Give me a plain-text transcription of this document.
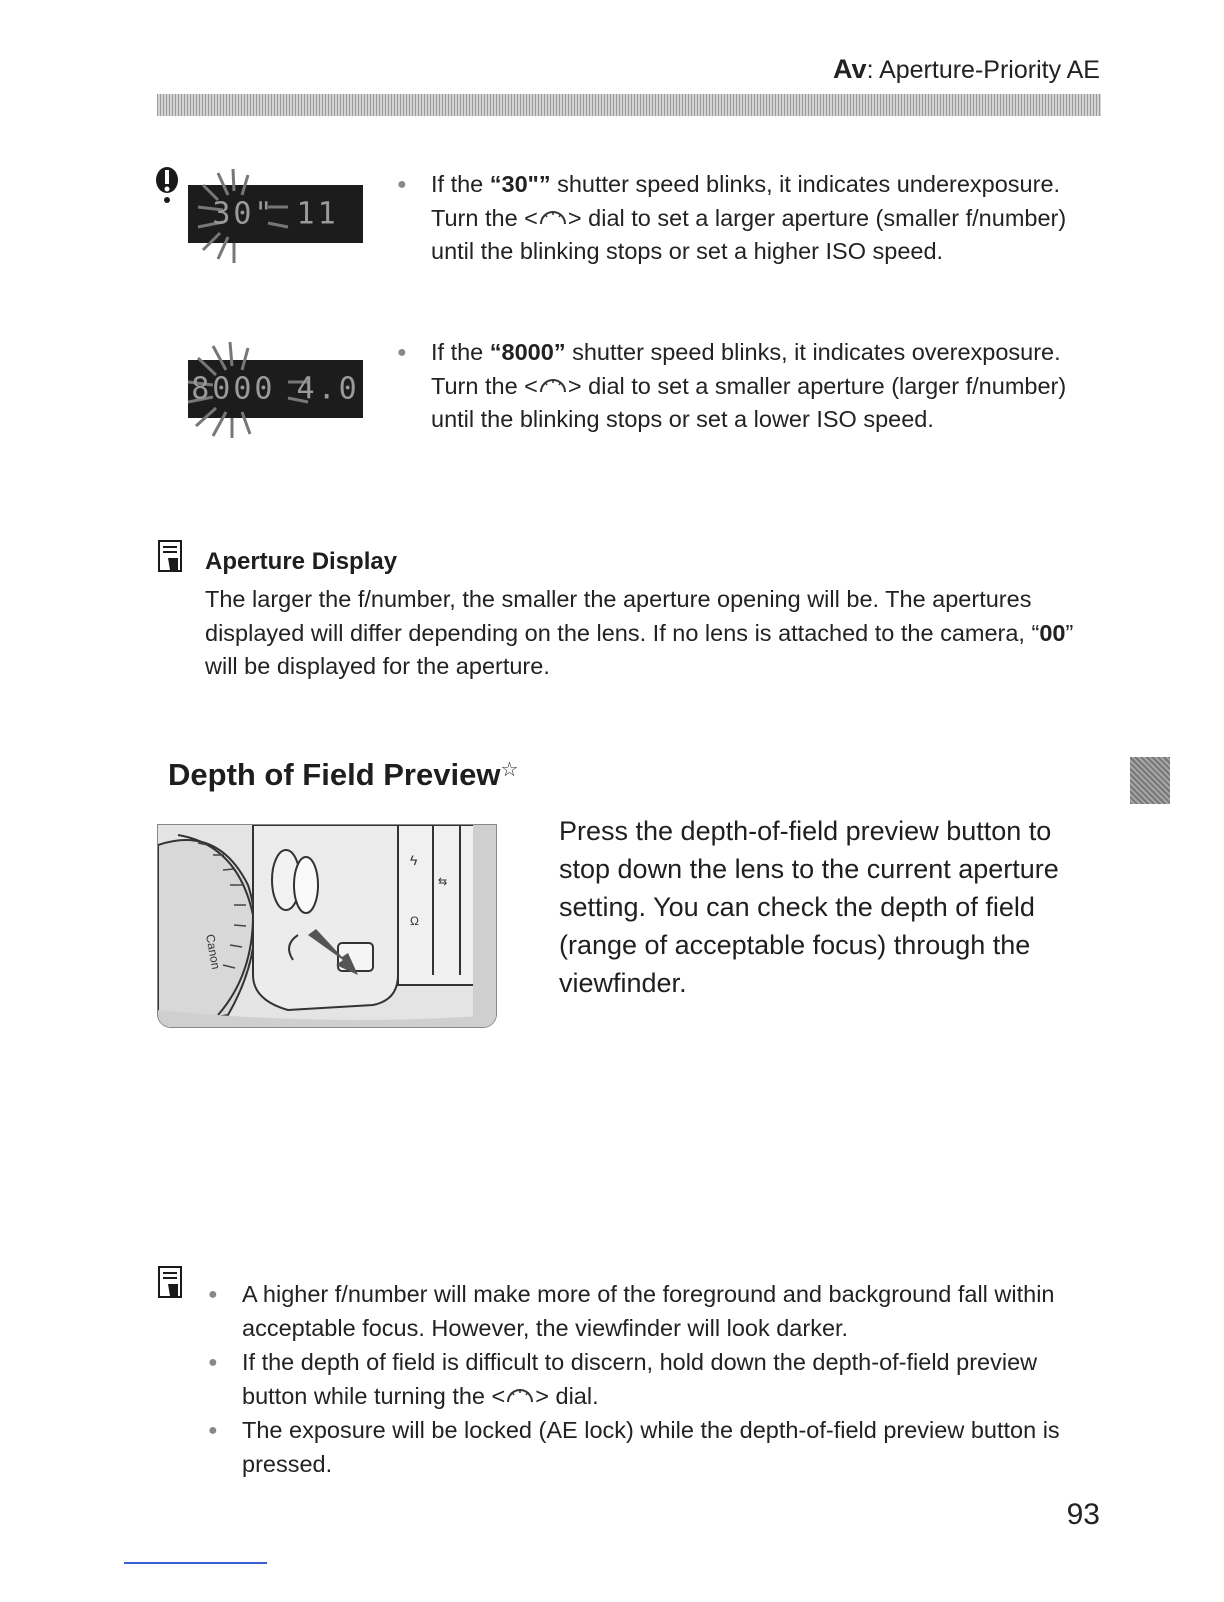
Av: Aperture-Priority AE
30" 11
8000 4.0
● If the “30"” shutter speed blinks, it indicates underexposure.
Turn the < > dial to set a larger aperture (smaller f/number) until the blinking stops or set a higher ISO speed.
● If the “8000” shutter speed blinks, it indicates overexposure.
Turn the < > dial to set a smaller aperture (larger f/number) until the blinking stops or set a lower ISO speed.
Aperture Display
The larger the f/number, the smaller the aperture opening will be. The apertures displayed will differ depending on the lens. If no lens is attached to the camera, “00” will be displayed for the aperture.
Depth of Field Preview☆
Canon
ϟ
⇆
Ω
Press the depth-of-field preview button to stop down the lens to the current aperture setting. You can check the depth of field (range of acceptable focus) through the viewfinder.
● A higher f/number will make more of the foreground and background fall within acceptable focus. However, the viewfinder will look darker.
● If the depth of field is difficult to discern, hold down the depth-of-field preview button while turning the < > dial.
● The exposure will be locked (AE lock) while the depth-of-field preview button is pressed.
93
